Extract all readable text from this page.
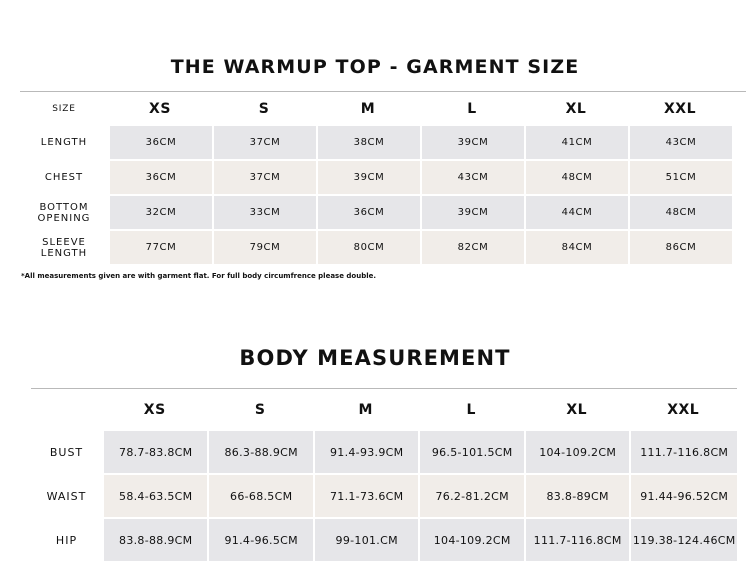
THE WARMUP TOP - GARMENT SIZE
SIZE	XS	S	M	L	XL	XXL
LENGTH	36CM	37CM	38CM	39CM	41CM	43CM
CHEST	36CM	37CM	39CM	43CM	48CM	51CM
BOTTOM OPENING	32CM	33CM	36CM	39CM	44CM	48CM
SLEEVE LENGTH	77CM	79CM	80CM	82CM	84CM	86CM
*All measurements given are with garment flat. For full body circumfrence please double.
BODY MEASUREMENT
	XS	S	M	L	XL	XXL
BUST	78.7-83.8CM	86.3-88.9CM	91.4-93.9CM	96.5-101.5CM	104-109.2CM	111.7-116.8CM
WAIST	58.4-63.5CM	66-68.5CM	71.1-73.6CM	76.2-81.2CM	83.8-89CM	91.44-96.52CM
HIP	83.8-88.9CM	91.4-96.5CM	99-101.CM	104-109.2CM	111.7-116.8CM	119.38-124.46CM
